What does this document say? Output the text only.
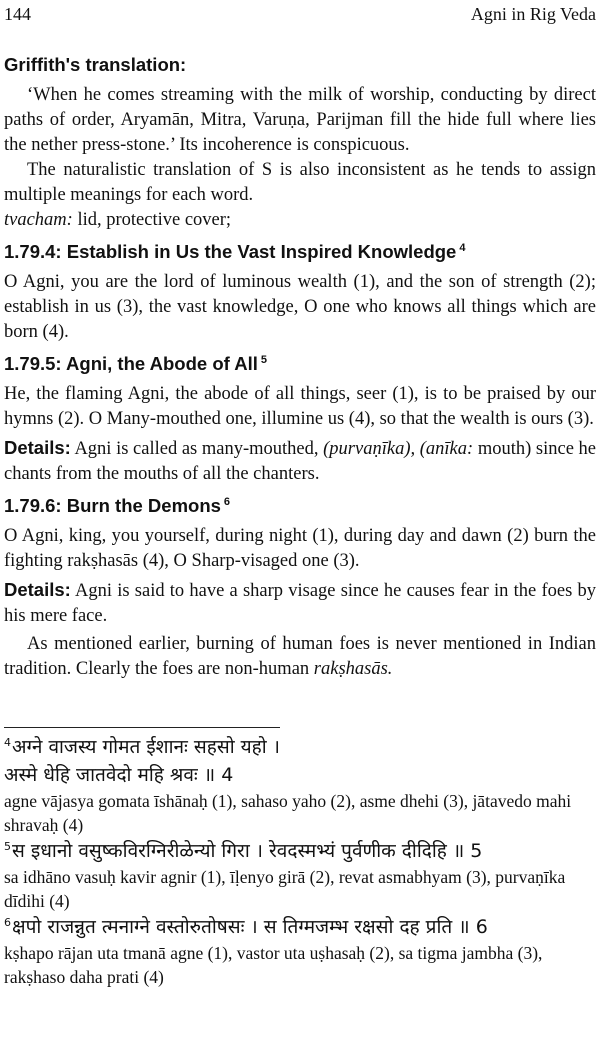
144	Agni in Rig Veda

Griffith's translation:

‘When he comes streaming with the milk of worship, conducting by direct paths of order, Aryamān, Mitra, Varuṇa, Parijman fill the hide full where lies the nether press-stone.’ Its incoherence is conspicuous.

The naturalistic translation of S is also inconsistent as he tends to assign multiple meanings for each word.

tvacham: lid, protective cover;

1.79.4: Establish in Us the Vast Inspired Knowledge $^4$

O Agni, you are the lord of luminous wealth (1), and the son of strength (2); establish in us (3), the vast knowledge, O one who knows all things which are born (4).

1.79.5: Agni, the Abode of All $^5$

He, the flaming Agni, the abode of all things, seer (1), is to be praised by our hymns (2). O Many-mouthed one, illumine us (4), so that the wealth is ours (3).

Details: Agni is called as many-mouthed, (purvaṇīka), (anīka: mouth) since he chants from the mouths of all the chanters.

1.79.6: Burn the Demons $^6$

O Agni, king, you yourself, during night (1), during day and dawn (2) burn the fighting rakṣhasās (4), O Sharp-visaged one (3).

Details: Agni is said to have a sharp visage since he causes fear in the foes by his mere face.

As mentioned earlier, burning of human foes is never mentioned in Indian tradition. Clearly the foes are non-human rakṣhasās.

$^4$अग्ने वाजस्य गोमत ईशानः सहसो यहो ।

अस्मे धेहि जातवेदो महि श्रवः ॥ 4

agne vājasya gomata īshānaḥ (1), sahaso yaho (2), asme dhehi (3), jātavedo mahi shravaḥ (4)

$^5$स इधानो वसुष्कविरग्निरीळेन्यो गिरा । रेवदस्मभ्यं पुर्वणीक दीदिहि ॥ 5

sa idhāno vasuḥ kavir agnir (1), īḷenyo girā (2), revat asmabhyam (3), purvaṇīka dīdihi (4)

$^6$क्षपो राजन्नुत त्मनाग्ने वस्तोरुतोषसः । स तिग्मजम्भ रक्षसो दह प्रति ॥ 6

kṣhapo rājan uta tmanā agne (1), vastor uta uṣhasaḥ (2), sa tigma jambha (3), rakṣhaso daha prati (4)
